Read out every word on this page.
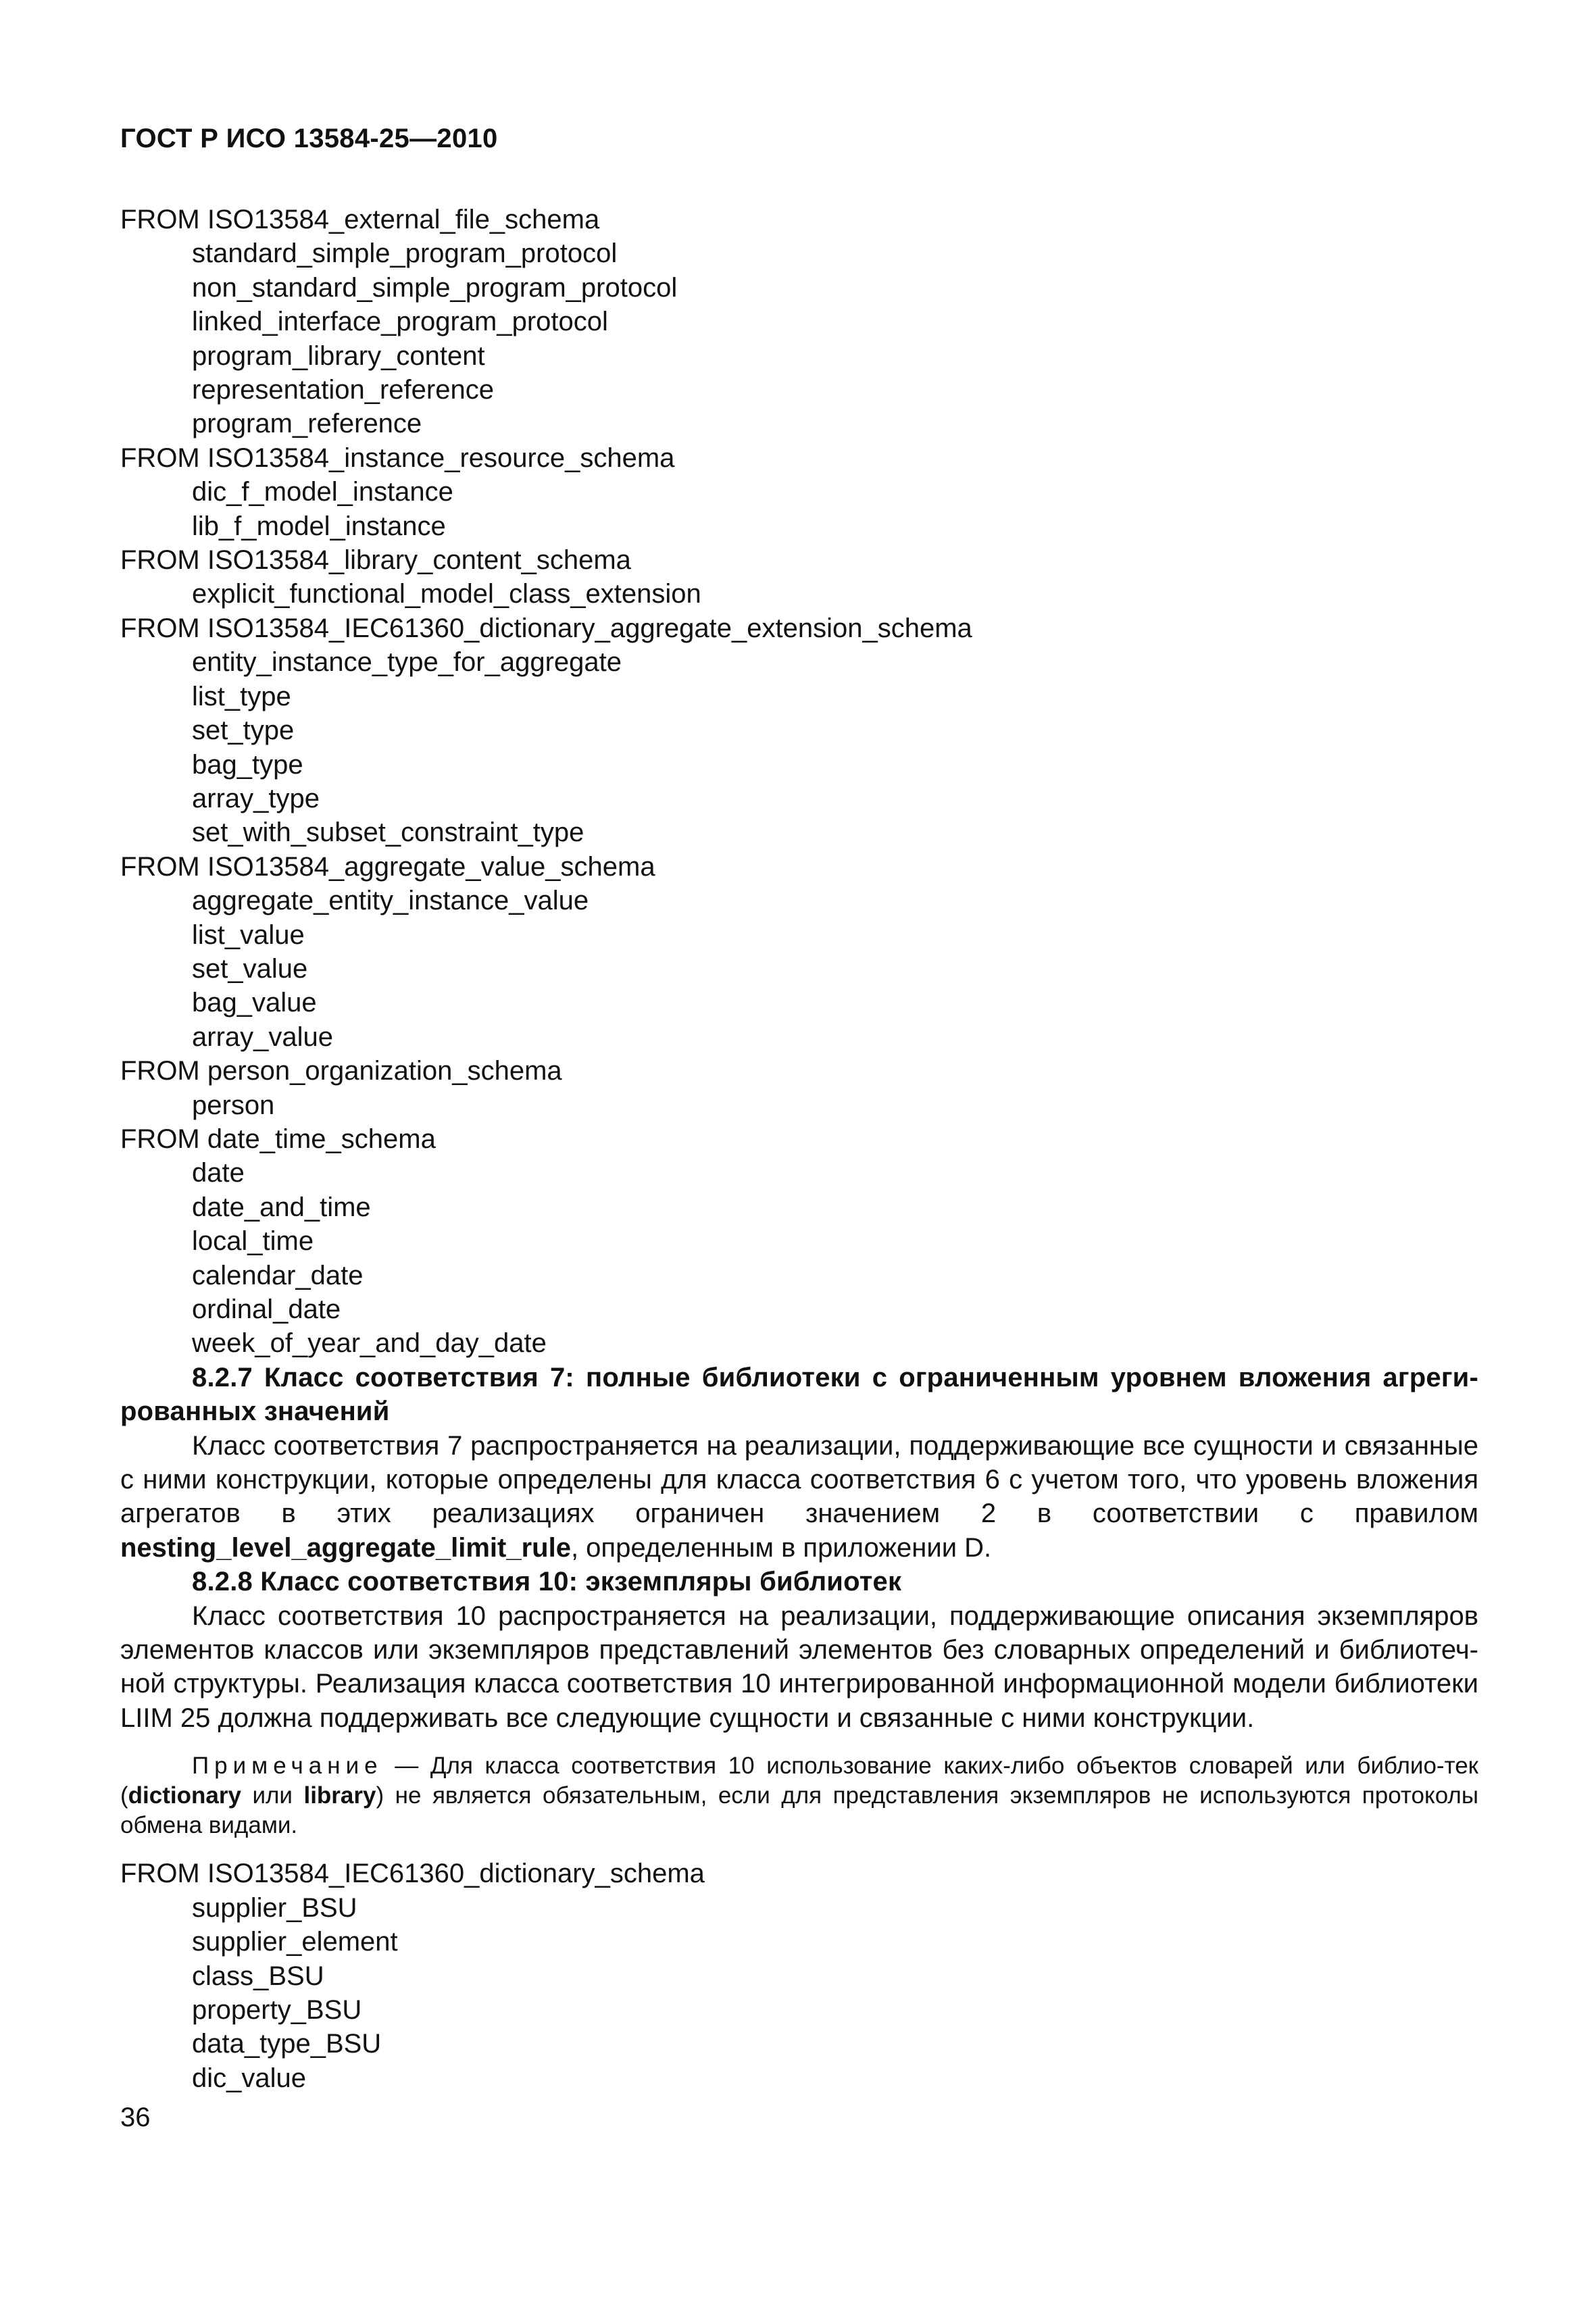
ГОСТ Р ИСО 13584-25—2010
FROM ISO13584_external_file_schema
standard_simple_program_protocol
non_standard_simple_program_protocol
linked_interface_program_protocol
program_library_content
representation_reference
program_reference
FROM ISO13584_instance_resource_schema
dic_f_model_instance
lib_f_model_instance
FROM ISO13584_library_content_schema
explicit_functional_model_class_extension
FROM ISO13584_IEC61360_dictionary_aggregate_extension_schema
entity_instance_type_for_aggregate
list_type
set_type
bag_type
array_type
set_with_subset_constraint_type
FROM ISO13584_aggregate_value_schema
aggregate_entity_instance_value
list_value
set_value
bag_value
array_value
FROM person_organization_schema
person
FROM date_time_schema
date
date_and_time
local_time
calendar_date
ordinal_date
week_of_year_and_day_date
8.2.7 Класс соответствия 7: полные библиотеки с ограниченным уровнем вложения агреги-рованных значений
Класс соответствия 7 распространяется на реализации, поддерживающие все сущности и связанные с ними конструкции, которые определены для класса соответствия 6 с учетом того, что уровень вложения агрегатов в этих реализациях ограничен значением 2 в соответствии с правилом nesting_level_aggregate_limit_rule, определенным в приложении D.
8.2.8 Класс соответствия 10: экземпляры библиотек
Класс соответствия 10 распространяется на реализации, поддерживающие описания экземпляров элементов классов или экземпляров представлений элементов без словарных определений и библиотеч-ной структуры. Реализация класса соответствия 10 интегрированной информационной модели библиотеки LIIM 25 должна поддерживать все следующие сущности и связанные с ними конструкции.
Примечание — Для класса соответствия 10 использование каких-либо объектов словарей или библио-тек (dictionary или library) не является обязательным, если для представления экземпляров не используются протоколы обмена видами.
FROM ISO13584_IEC61360_dictionary_schema
supplier_BSU
supplier_element
class_BSU
property_BSU
data_type_BSU
dic_value
36
